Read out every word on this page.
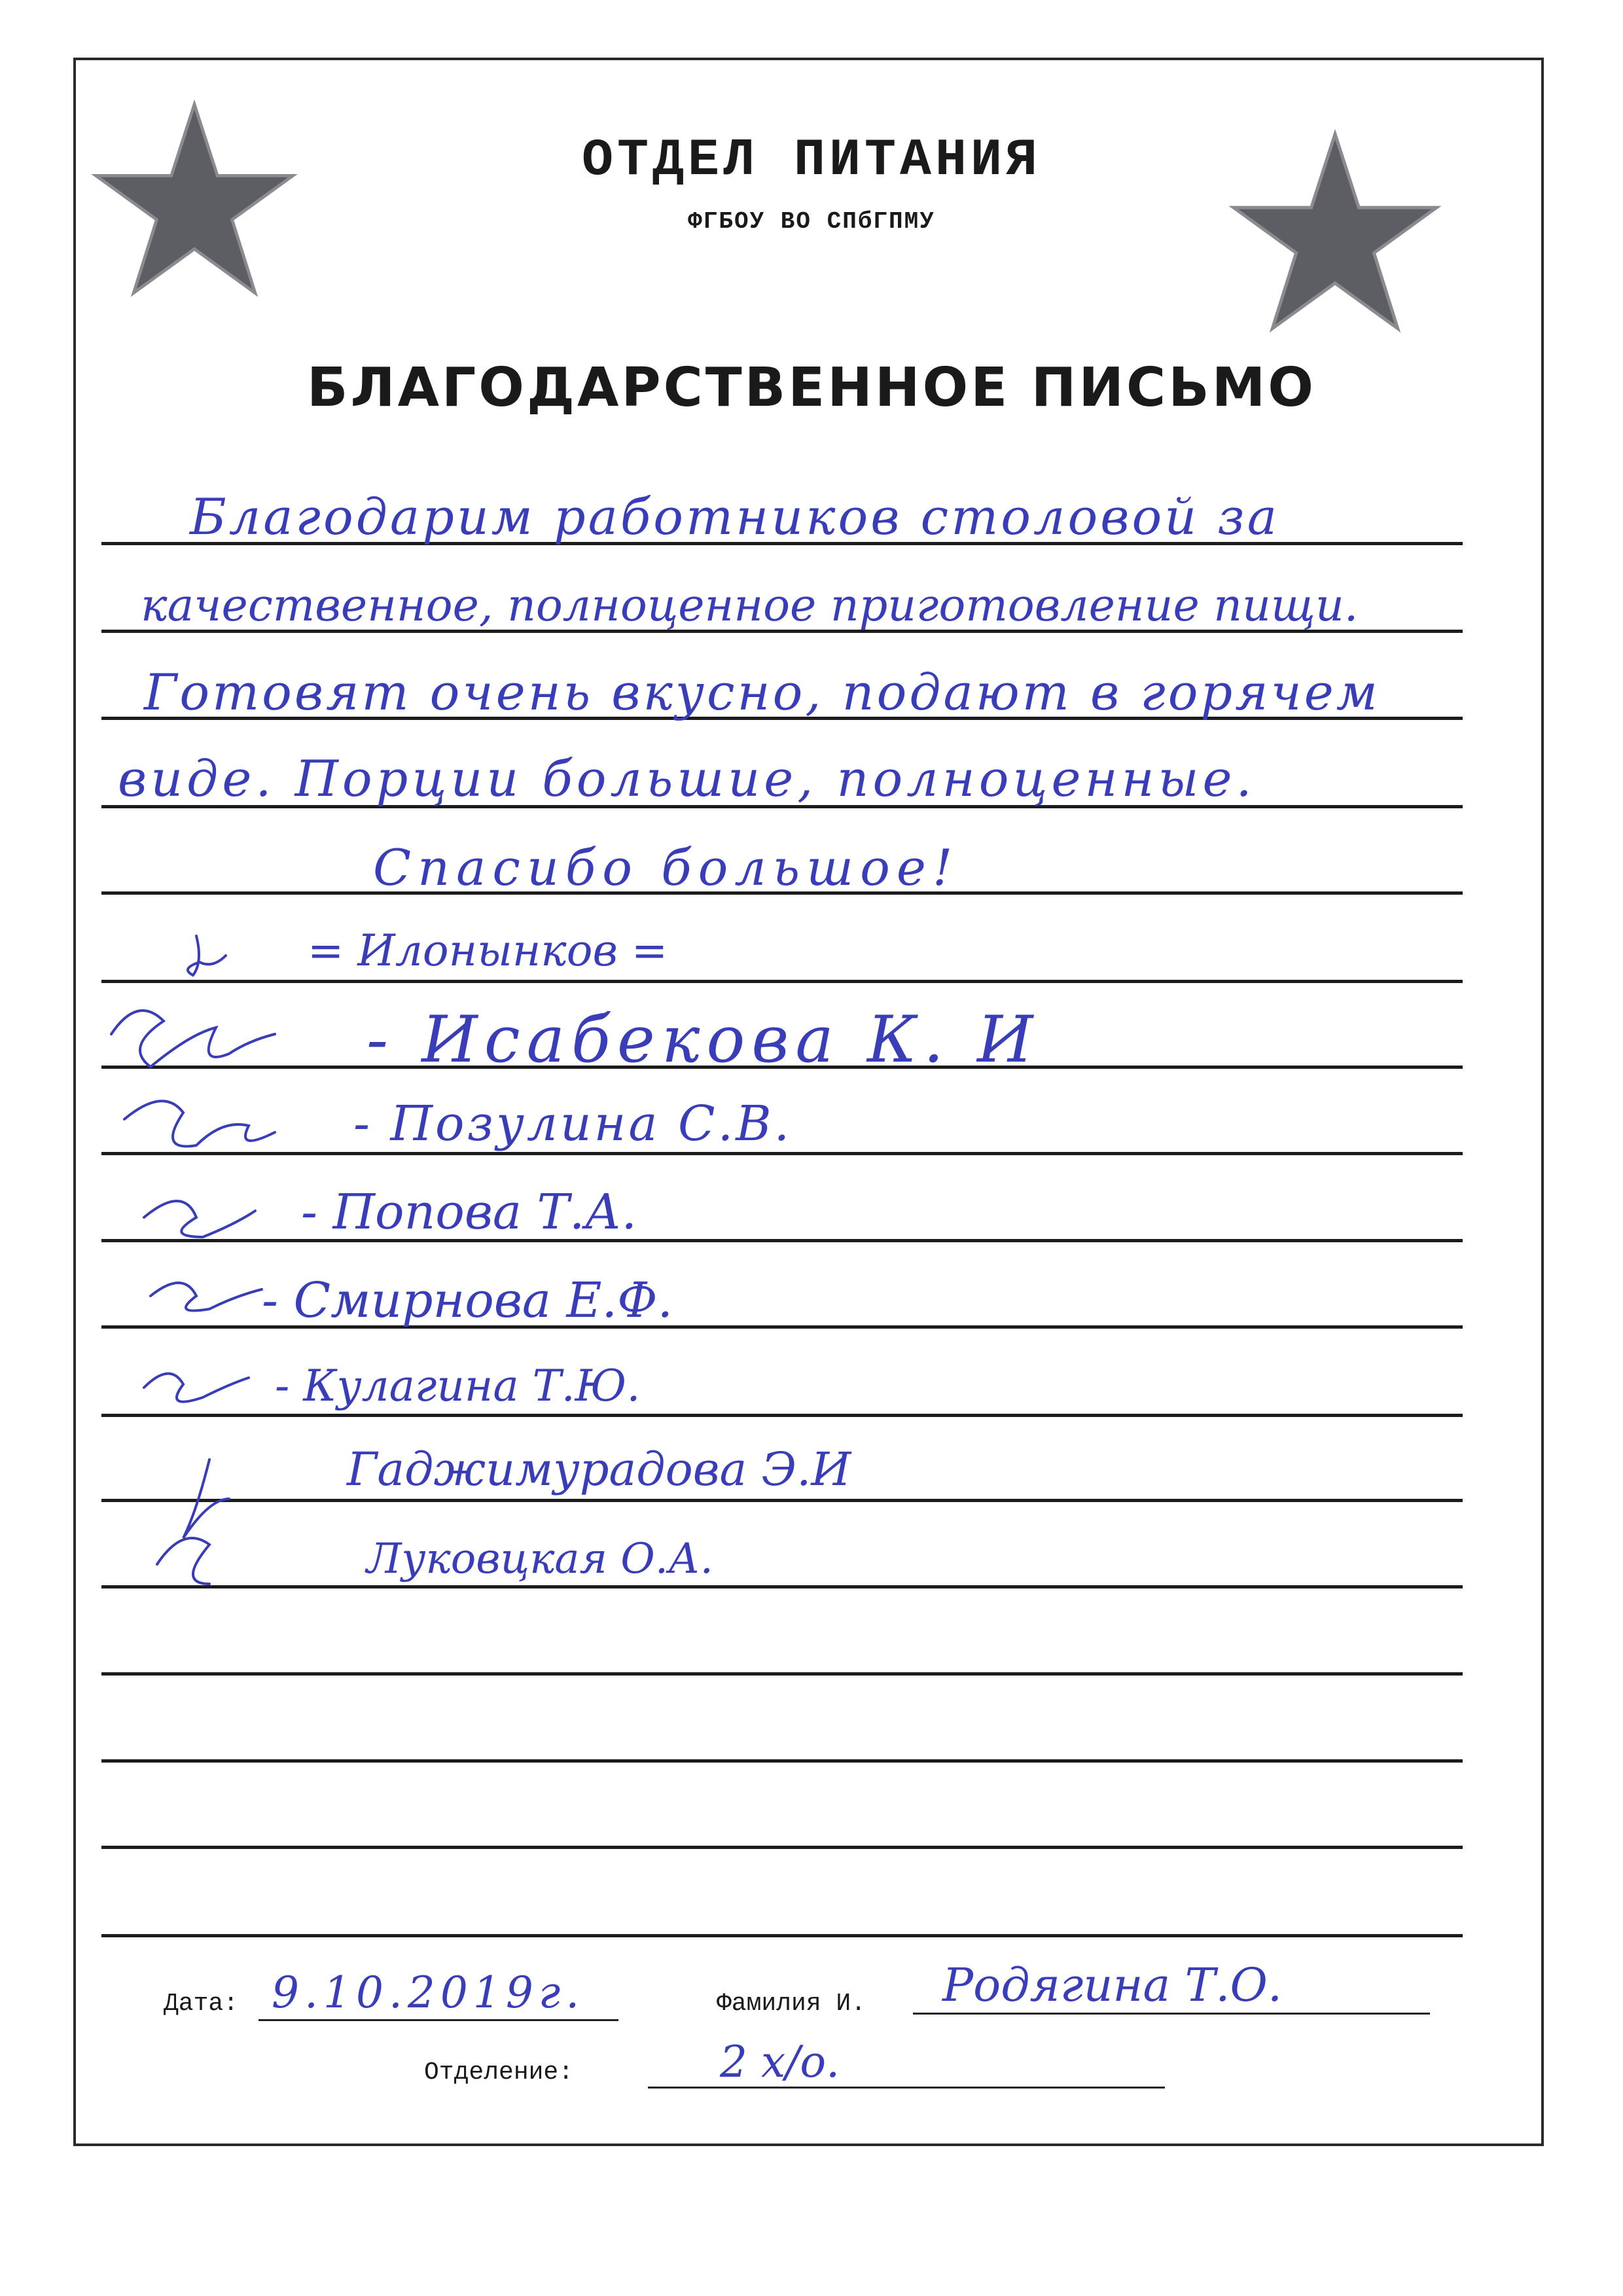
ОТДЕЛ ПИТАНИЯ
ФГБОУ ВО СПбГПМУ
БЛАГОДАРСТВЕННОЕ ПИСЬМО
Благодарим работников столовой за
качественное, полноценное приготовление пищи.
Готовят очень вкусно, подают в горячем
виде. Порции большие, полноценные.
Спасибо большое!
= Илонынков =
- Исабекова К. И
- Позулина С.В.
- Попова Т.А.
- Смирнова Е.Ф.
- Кулагина Т.Ю.
Гаджимурадова Э.И
Луковцкая О.А.
Дата: 9.10.2019г.	Фамилия И. Родягина Т.О.
Отделение:	2 х/о.
